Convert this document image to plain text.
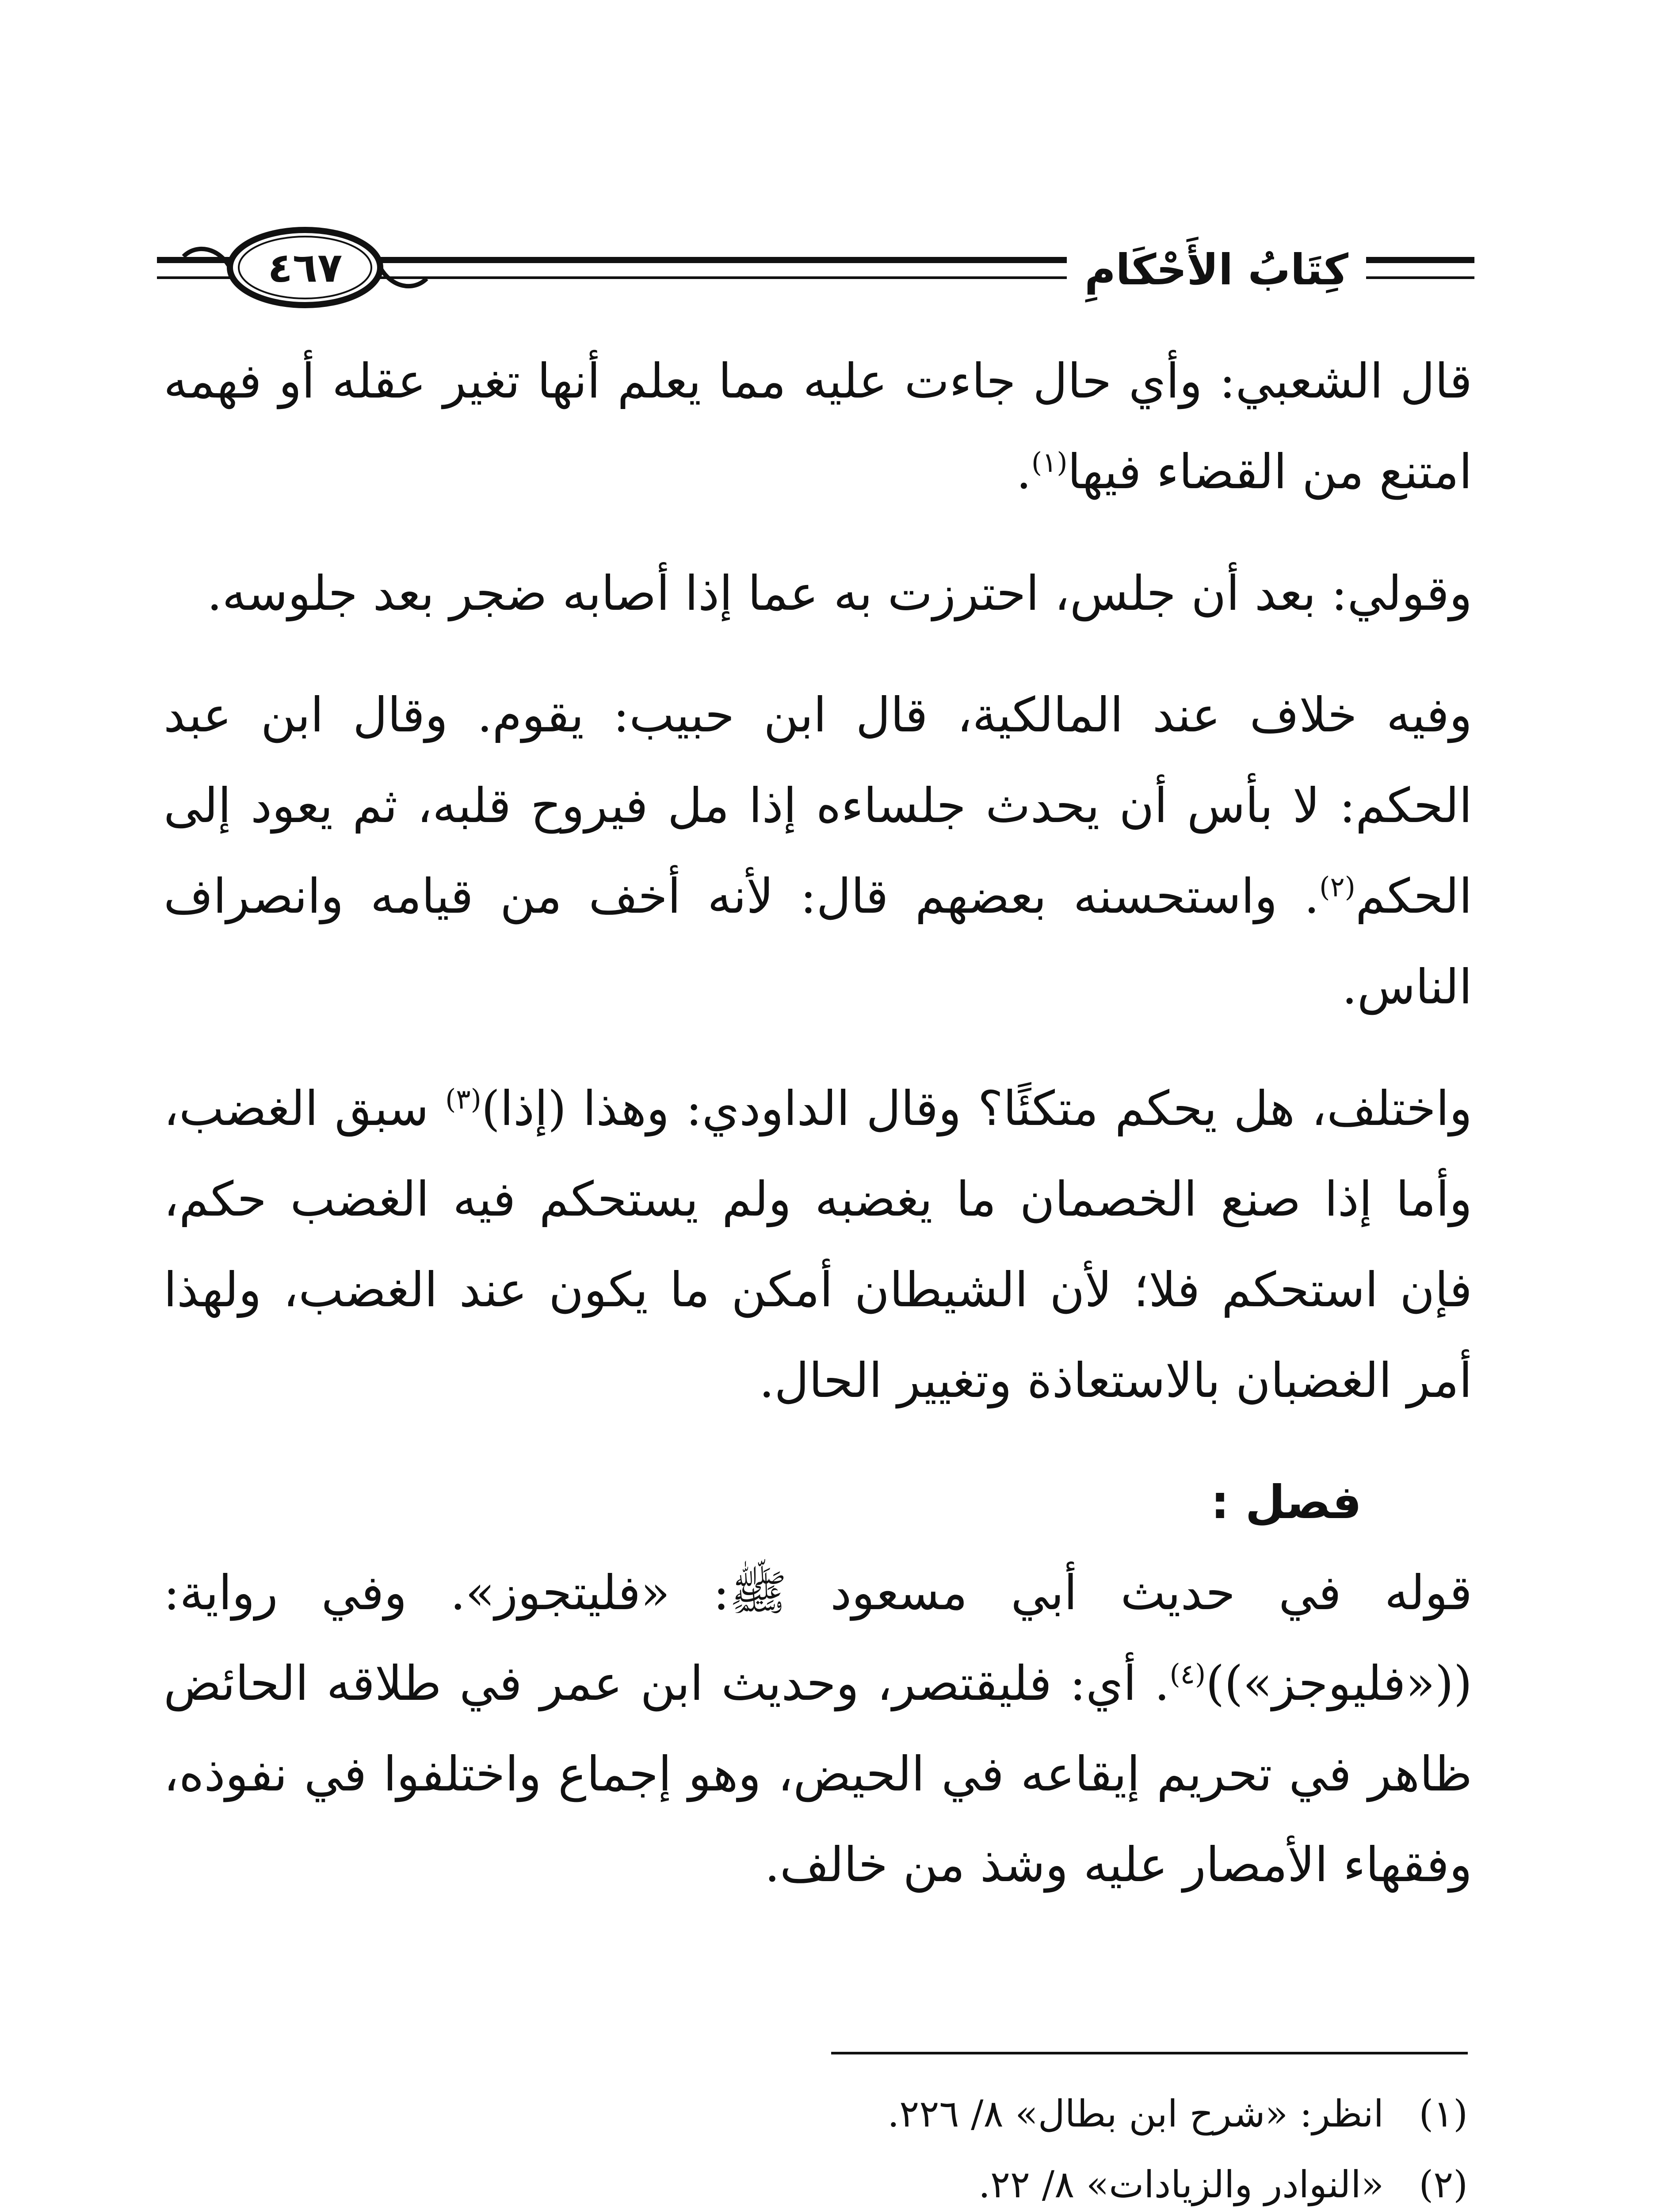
٤٦٧	كِتَابُ الأَحْكَامِ

قال الشعبي: وأي حال جاءت عليه مما يعلم أنها تغير عقله أو فهمه امتنع من القضاء فيها$^{(١)}$.

وقولي: بعد أن جلس، احترزت به عما إذا أصابه ضجر بعد جلوسه.

وفيه خلاف عند المالكية، قال ابن حبيب: يقوم. وقال ابن عبد الحكم: لا بأس أن يحدث جلساءه إذا مل فيروح قلبه، ثم يعود إلى الحكم$^{(٢)}$. واستحسنه بعضهم قال: لأنه أخف من قيامه وانصراف الناس.

واختلف، هل يحكم متكئًا؟ وقال الداودي: وهذا (إذا)$^{(٣)}$ سبق الغضب، وأما إذا صنع الخصمان ما يغضبه ولم يستحكم فيه الغضب حكم، فإن استحكم فلا؛ لأن الشيطان أمكن ما يكون عند الغضب، ولهذا أمر الغضبان بالاستعاذة وتغيير الحال.

فصل :

قوله في حديث أبي مسعود ﷺ: «فليتجوز». وفي رواية: ((«فليوجز»))$^{(٤)}$. أي: فليقتصر، وحديث ابن عمر في طلاقه الحائض ظاهر في تحريم إيقاعه في الحيض، وهو إجماع واختلفوا في نفوذه، وفقهاء الأمصار عليه وشذ من خالف.

(١)
انظر: «شرح ابن بطال» ٨/ ٢٢٦.
(٢)
«النوادر والزيادات» ٨/ ٢٢.
